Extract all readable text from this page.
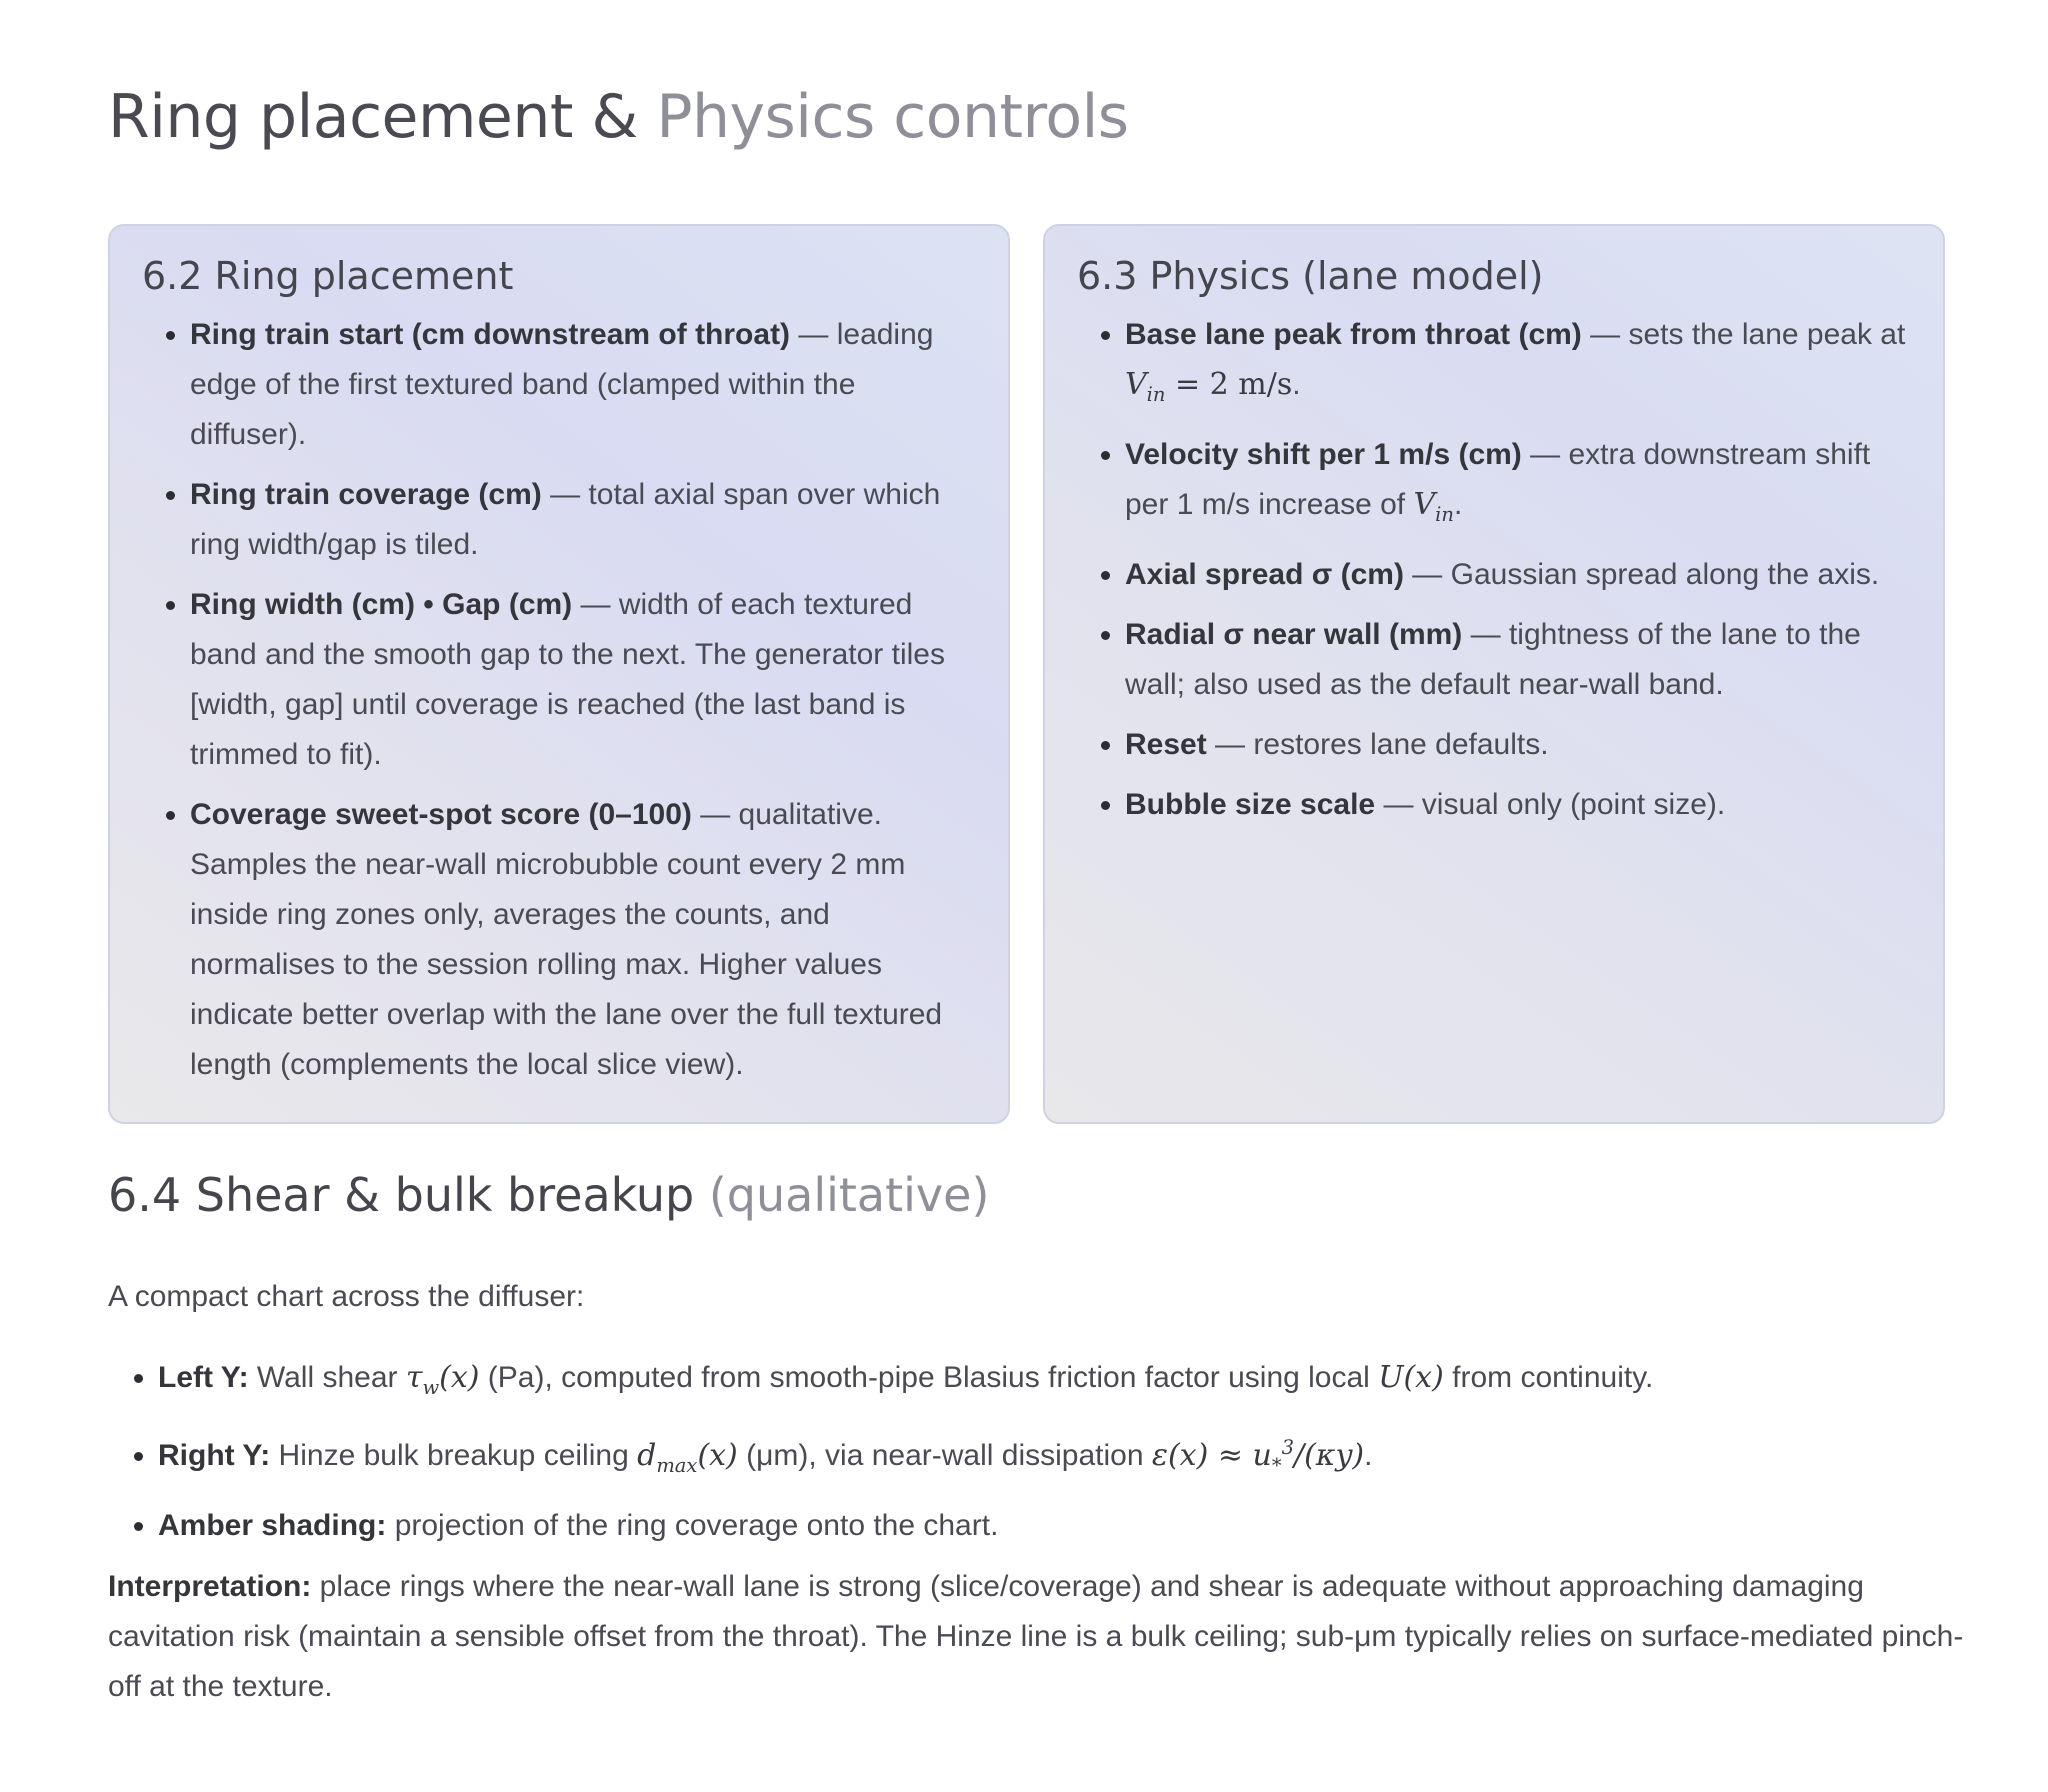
Ring placement & Physics controls
6.2 Ring placement
• Ring train start (cm downstream of throat) — leading edge of the first textured band (clamped within the diffuser).
• Ring train coverage (cm) — total axial span over which ring width/gap is tiled.
• Ring width (cm) • Gap (cm) — width of each textured band and the smooth gap to the next. The generator tiles [width, gap] until coverage is reached (the last band is trimmed to fit).
• Coverage sweet-spot score (0–100) — qualitative. Samples the near-wall microbubble count every 2 mm inside ring zones only, averages the counts, and normalises to the session rolling max. Higher values indicate better overlap with the lane over the full textured length (complements the local slice view).
6.3 Physics (lane model)
• Base lane peak from throat (cm) — sets the lane peak at $V_{in} = 2$ m/s.
• Velocity shift per 1 m/s (cm) — extra downstream shift per 1 m/s increase of $V_{in}$.
• Axial spread σ (cm) — Gaussian spread along the axis.
• Radial σ near wall (mm) — tightness of the lane to the wall; also used as the default near-wall band.
• Reset — restores lane defaults.
• Bubble size scale — visual only (point size).
6.4 Shear & bulk breakup (qualitative)

A compact chart across the diffuser:

• Left Y: Wall shear $\tau_w(x)$ (Pa), computed from smooth-pipe Blasius friction factor using local U(x) from continuity.
• Right Y: Hinze bulk breakup ceiling $d_{max}(x)$ (μm), via near-wall dissipation $\varepsilon(x) \approx u_*^3/(\kappa y)$.
• Amber shading: projection of the ring coverage onto the chart.

Interpretation: place rings where the near-wall lane is strong (slice/coverage) and shear is adequate without approaching damaging cavitation risk (maintain a sensible offset from the throat). The Hinze line is a bulk ceiling; sub-μm typically relies on surface-mediated pinch-off at the texture.
